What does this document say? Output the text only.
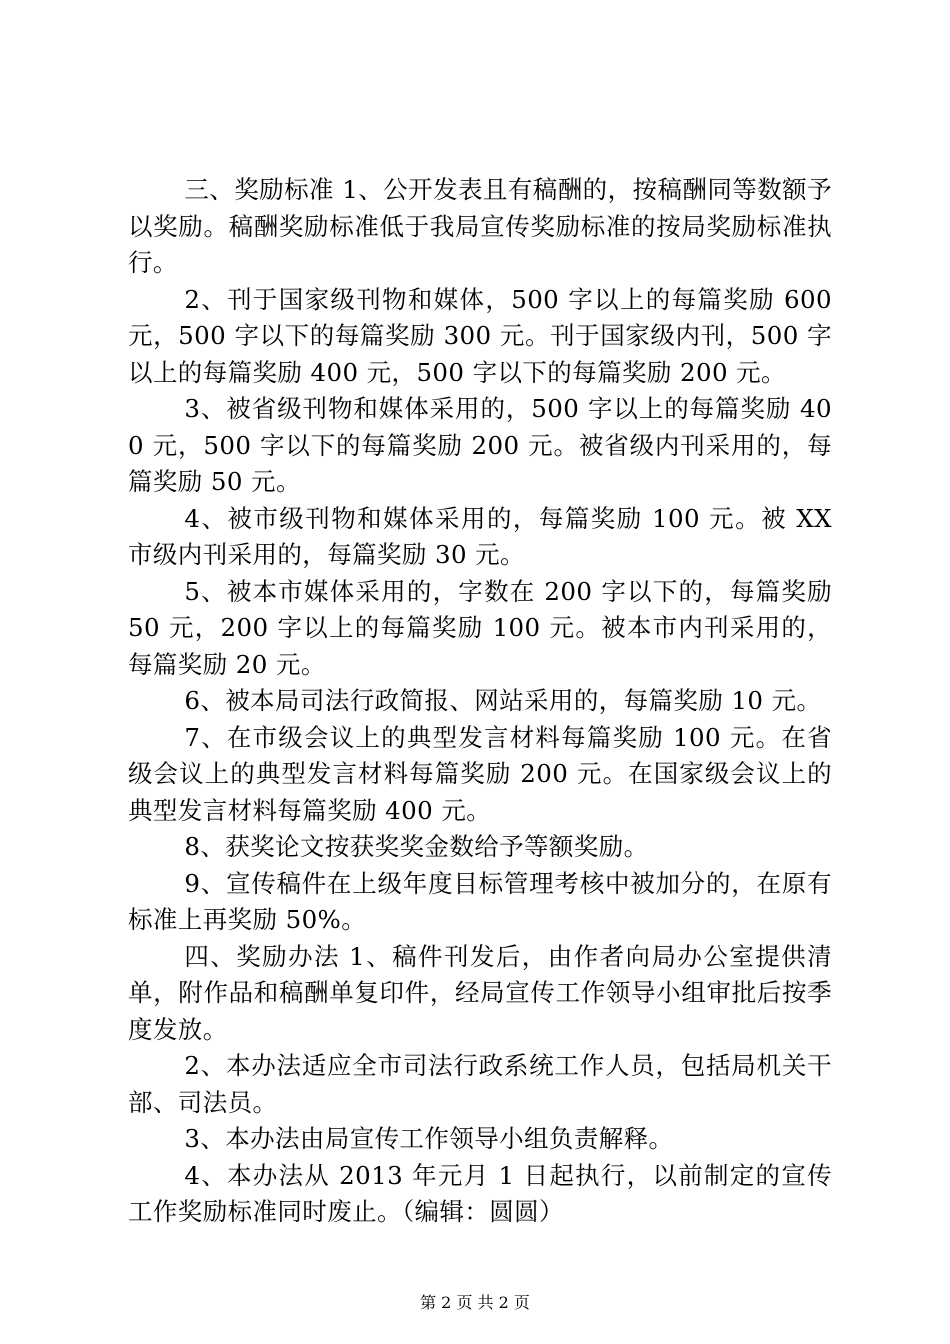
三、奖励标准 1、公开发表且有稿酬的，按稿酬同等数额予以奖励。稿酬奖励标准低于我局宣传奖励标准的按局奖励标准执行。

2、刊于国家级刊物和媒体，500 字以上的每篇奖励 600 元，500 字以下的每篇奖励 300 元。刊于国家级内刊，500 字以上的每篇奖励 400 元，500 字以下的每篇奖励 200 元。

3、被省级刊物和媒体采用的，500 字以上的每篇奖励 400 元，500 字以下的每篇奖励 200 元。被省级内刊采用的，每篇奖励 50 元。

4、被市级刊物和媒体采用的，每篇奖励 100 元。被 XX 市级内刊采用的，每篇奖励 30 元。

5、被本市媒体采用的，字数在 200 字以下的，每篇奖励 50 元，200 字以上的每篇奖励 100 元。被本市内刊采用的，每篇奖励 20 元。

6、被本局司法行政简报、网站采用的，每篇奖励 10 元。

7、在市级会议上的典型发言材料每篇奖励 100 元。在省级会议上的典型发言材料每篇奖励 200 元。在国家级会议上的典型发言材料每篇奖励 400 元。

8、获奖论文按获奖奖金数给予等额奖励。

9、宣传稿件在上级年度目标管理考核中被加分的，在原有标准上再奖励 50%。

四、奖励办法 1、稿件刊发后，由作者向局办公室提供清单，附作品和稿酬单复印件，经局宣传工作领导小组审批后按季度发放。

2、本办法适应全市司法行政系统工作人员，包括局机关干部、司法员。

3、本办法由局宣传工作领导小组负责解释。

4、本办法从 2013 年元月 1 日起执行，以前制定的宣传工作奖励标准同时废止。（编辑：圆圆）

第 2 页 共 2 页
